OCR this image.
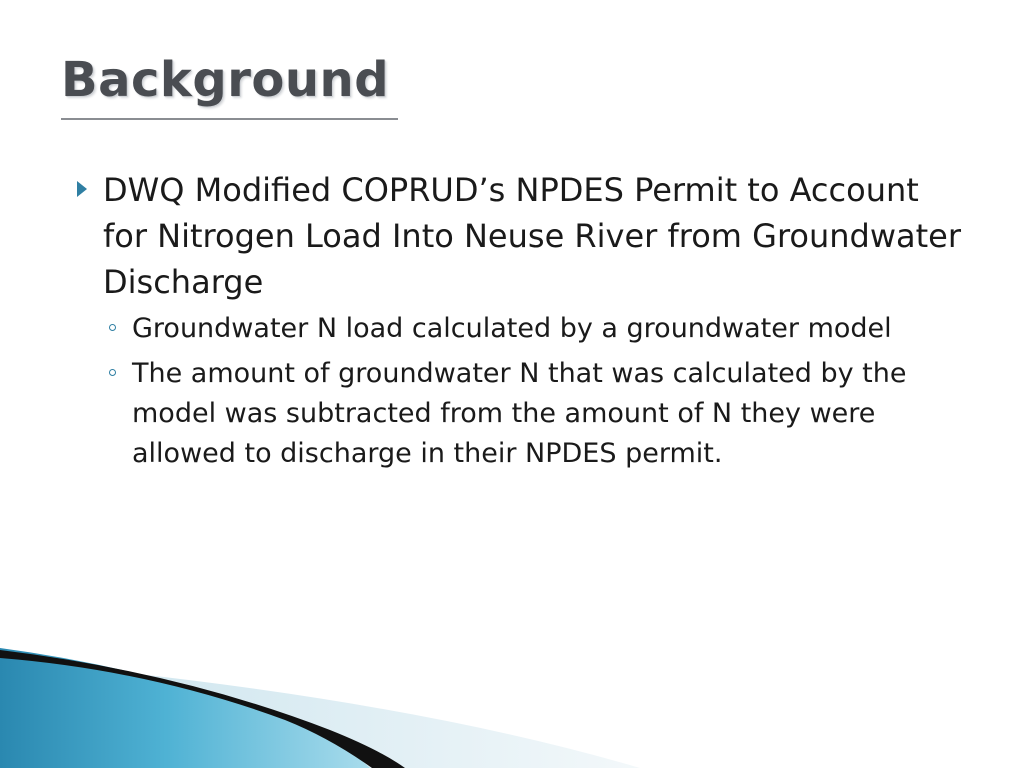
Background
DWQ Modified COPRUD’s NPDES Permit to Account for Nitrogen Load Into Neuse River from Groundwater Discharge
Groundwater N load calculated by a groundwater model
The amount of groundwater N that was calculated by the model was subtracted from the amount of N they were allowed to discharge in their NPDES permit.
